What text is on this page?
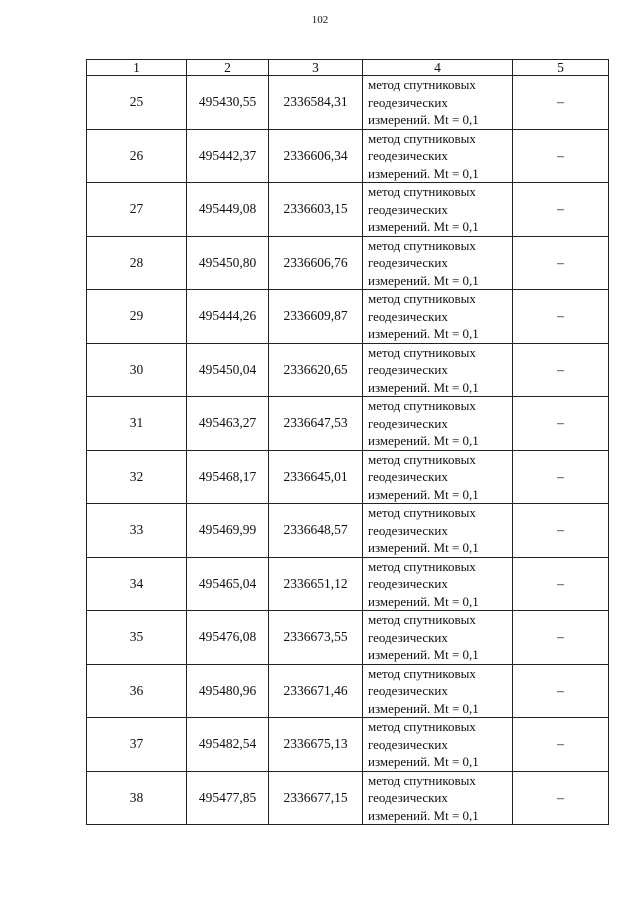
102
1	2	3	4	5
25	495430,55	2336584,31	метод спутниковых
геодезических
измерений. Mt = 0,1	–
26	495442,37	2336606,34	метод спутниковых
геодезических
измерений. Mt = 0,1	–
27	495449,08	2336603,15	метод спутниковых
геодезических
измерений. Mt = 0,1	–
28	495450,80	2336606,76	метод спутниковых
геодезических
измерений. Mt = 0,1	–
29	495444,26	2336609,87	метод спутниковых
геодезических
измерений. Mt = 0,1	–
30	495450,04	2336620,65	метод спутниковых
геодезических
измерений. Mt = 0,1	–
31	495463,27	2336647,53	метод спутниковых
геодезических
измерений. Mt = 0,1	–
32	495468,17	2336645,01	метод спутниковых
геодезических
измерений. Mt = 0,1	–
33	495469,99	2336648,57	метод спутниковых
геодезических
измерений. Mt = 0,1	–
34	495465,04	2336651,12	метод спутниковых
геодезических
измерений. Mt = 0,1	–
35	495476,08	2336673,55	метод спутниковых
геодезических
измерений. Mt = 0,1	–
36	495480,96	2336671,46	метод спутниковых
геодезических
измерений. Mt = 0,1	–
37	495482,54	2336675,13	метод спутниковых
геодезических
измерений. Mt = 0,1	–
38	495477,85	2336677,15	метод спутниковых
геодезических
измерений. Mt = 0,1	–
